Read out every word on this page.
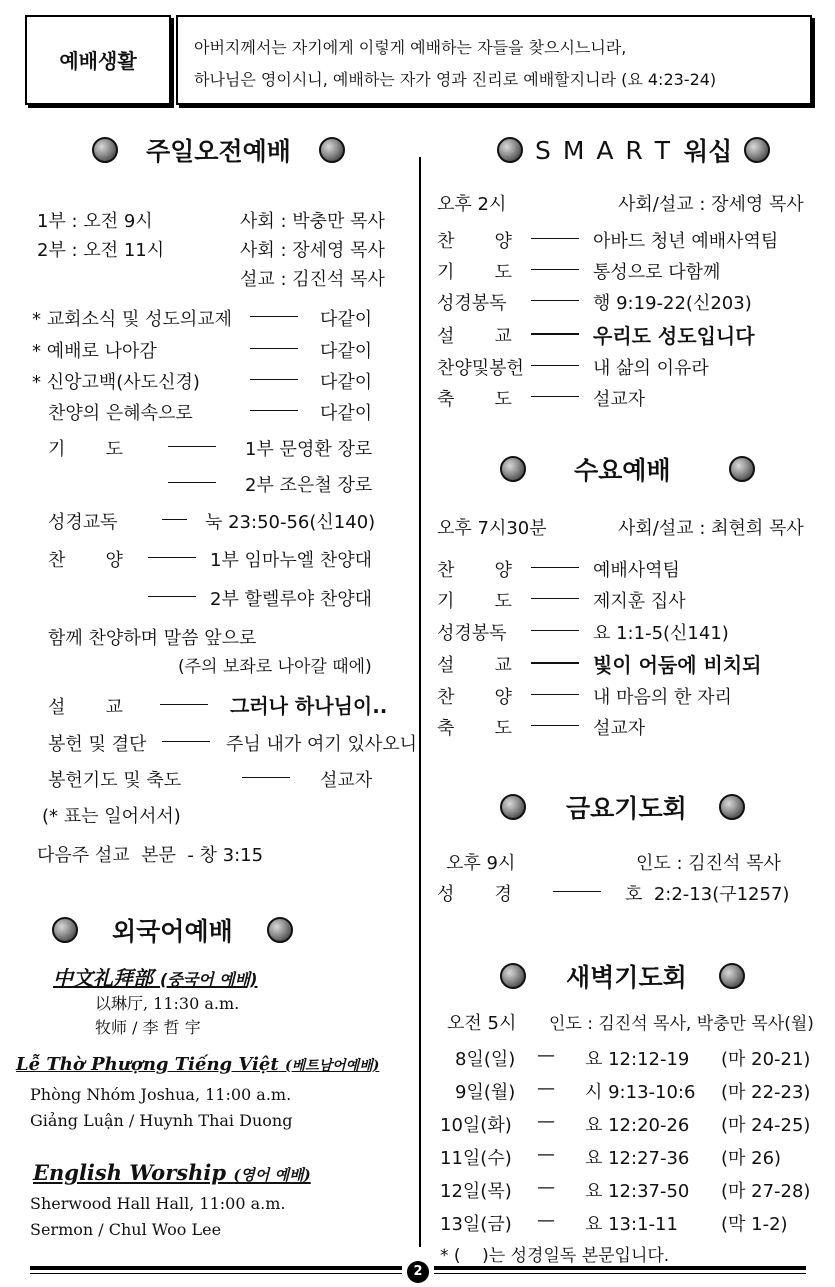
예배생활
아버지께서는 자기에게 이렇게 예배하는 자들을 찾으시느니라,
하나님은 영이시니, 예배하는 자가 영과 진리로 예배할지니라 (요 4:23-24)
주일오전예배
1부 : 오전 9시	사회 : 박충만 목사
2부 : 오전 11시	사회 : 장세영 목사
설교 : 김진석 목사
* 교회소식 및 성도의교제	다같이
* 예배로 나아감	다같이
* 신앙고백(사도신경)	다같이
찬양의 은혜속으로	다같이
기       도	1부 문영환 장로
2부 조은철 장로
성경교독	눅 23:50-56(신140)
찬       양	1부 임마누엘 찬양대
2부 할렐루야 찬양대
함께 찬양하며 말씀 앞으로
(주의 보좌로 나아갈 때에)
설       교	그러나 하나님이..
봉헌 및 결단	주님 내가 여기 있사오니
봉헌기도 및 축도	설교자
(* 표는 일어서서)
다음주 설교  본문  - 창 3:15
외국어예배
中文礼拜部 (중국어 예배)
以琳厅, 11:30 a.m.
牧师 / 李 哲 宇
Lễ Thờ Phượng Tiếng Việt (베트남어예배)
Phòng Nhóm Joshua, 11:00 a.m.
Giảng Luận / Huynh Thai Duong
English Worship (영어 예배)
Sherwood Hall Hall, 11:00 a.m.
Sermon / Chul Woo Lee
S M A R T 워십
오후 2시	사회/설교 : 장세영 목사
찬       양	아바드 청년 예배사역팀
기       도	통성으로 다함께
성경봉독	행 9:19-22(신203)
설       교	우리도 성도입니다
찬양및봉헌	내 삶의 이유라
축       도	설교자
수요예배
오후 7시30분	사회/설교 : 최현희 목사
찬       양	예배사역팀
기       도	제지훈 집사
성경봉독	요 1:1-5(신141)
설       교	빛이 어둠에 비치되
찬       양	내 마음의 한 자리
축       도	설교자
금요기도회
오후 9시	인도 : 김진석 목사
성       경	호  2:2-13(구1257)
새벽기도회
오전 5시 인도 : 김진석 목사, 박충만 목사(월)
8일(일) — 요 12:12-19 (마 20-21)
9일(월) — 시 9:13-10:6 (마 22-23)
10일(화) — 요 12:20-26 (마 24-25)
11일(수) — 요 12:27-36 (마 26)
12일(목) — 요 12:37-50 (마 27-28)
13일(금) — 요 13:1-11 (막 1-2)
* (    )는 성경일독 본문입니다.
2
